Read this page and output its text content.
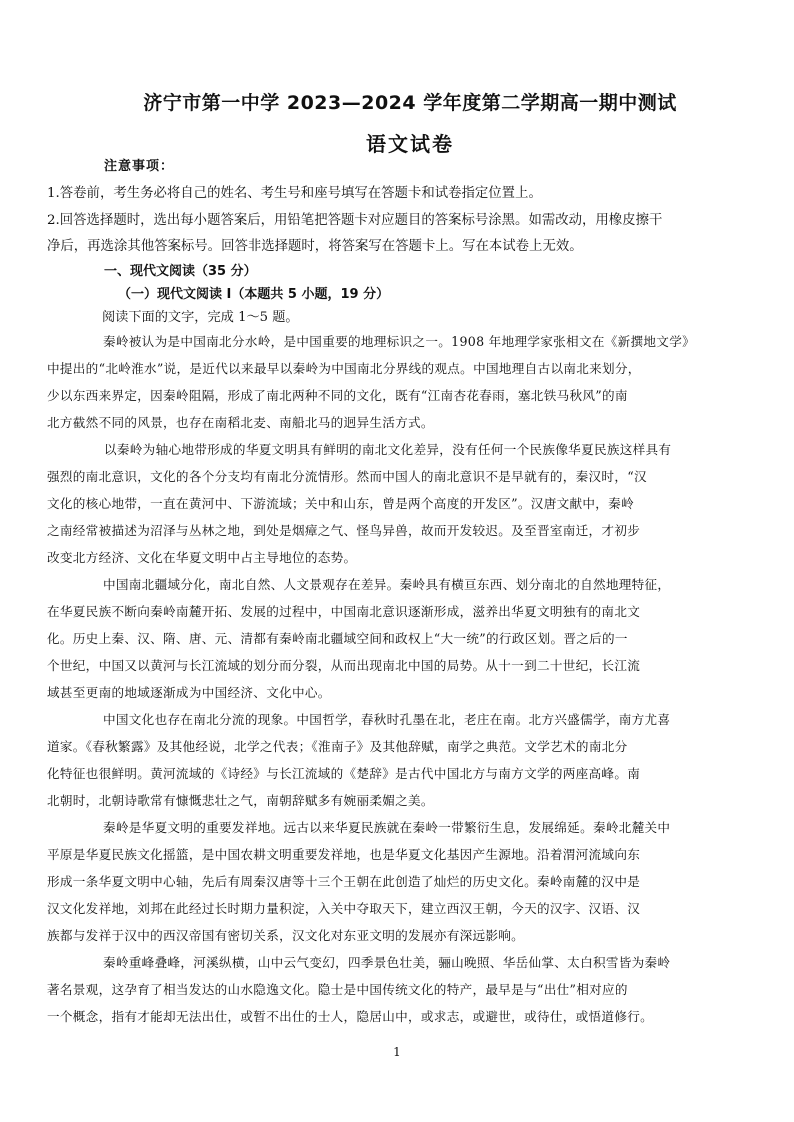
济宁市第一中学 2023—2024 学年度第二学期高一期中测试
语文试卷
注意事项：
1.答卷前，考生务必将自己的姓名、考生号和座号填写在答题卡和试卷指定位置上。
2.回答选择题时，选出每小题答案后，用铅笔把答题卡对应题目的答案标号涂黑。如需改动，用橡皮擦干
净后，再选涂其他答案标号。回答非选择题时，将答案写在答题卡上。写在本试卷上无效。
一、现代文阅读（35 分）
（一）现代文阅读 I（本题共 5 小题，19 分）
阅读下面的文字，完成 1～5 题。
秦岭被认为是中国南北分水岭，是中国重要的地理标识之一。1908 年地理学家张相文在《新撰地文学》
中提出的“北岭淮水”说，是近代以来最早以秦岭为中国南北分界线的观点。中国地理自古以南北来划分，
少以东西来界定，因秦岭阻隔，形成了南北两种不同的文化，既有“江南杏花春雨，塞北铁马秋风”的南
北方截然不同的风景，也存在南稻北麦、南船北马的迥异生活方式。
以秦岭为轴心地带形成的华夏文明具有鲜明的南北文化差异，没有任何一个民族像华夏民族这样具有
强烈的南北意识，文化的各个分支均有南北分流情形。然而中国人的南北意识不是早就有的，秦汉时，“汉
文化的核心地带，一直在黄河中、下游流域；关中和山东，曾是两个高度的开发区”。汉唐文献中，秦岭
之南经常被描述为沼泽与丛林之地，到处是烟瘴之气、怪鸟异兽，故而开发较迟。及至晋室南迁，才初步
改变北方经济、文化在华夏文明中占主导地位的态势。
中国南北疆域分化，南北自然、人文景观存在差异。秦岭具有横亘东西、划分南北的自然地理特征，
在华夏民族不断向秦岭南麓开拓、发展的过程中，中国南北意识逐渐形成，滋养出华夏文明独有的南北文
化。历史上秦、汉、隋、唐、元、清都有秦岭南北疆域空间和政权上“大一统”的行政区划。晋之后的一
个世纪，中国又以黄河与长江流域的划分而分裂，从而出现南北中国的局势。从十一到二十世纪，长江流
域甚至更南的地域逐渐成为中国经济、文化中心。
中国文化也存在南北分流的现象。中国哲学，春秋时孔墨在北，老庄在南。北方兴盛儒学，南方尤喜
道家。《春秋繁露》及其他经说，北学之代表；《淮南子》及其他辞赋，南学之典范。文学艺术的南北分
化特征也很鲜明。黄河流域的《诗经》与长江流域的《楚辞》是古代中国北方与南方文学的两座高峰。南
北朝时，北朝诗歌常有慷慨悲壮之气，南朝辞赋多有婉丽柔媚之美。
秦岭是华夏文明的重要发祥地。远古以来华夏民族就在秦岭一带繁衍生息，发展绵延。秦岭北麓关中
平原是华夏民族文化摇篮，是中国农耕文明重要发祥地，也是华夏文化基因产生源地。沿着渭河流域向东
形成一条华夏文明中心轴，先后有周秦汉唐等十三个王朝在此创造了灿烂的历史文化。秦岭南麓的汉中是
汉文化发祥地，刘邦在此经过长时期力量积淀，入关中夺取天下，建立西汉王朝，今天的汉字、汉语、汉
族都与发祥于汉中的西汉帝国有密切关系，汉文化对东亚文明的发展亦有深远影响。
秦岭重峰叠峰，河溪纵横，山中云气变幻，四季景色壮美，骊山晚照、华岳仙掌、太白积雪皆为秦岭
著名景观，这孕育了相当发达的山水隐逸文化。隐士是中国传统文化的特产，最早是与“出仕”相对应的
一个概念，指有才能却无法出仕，或暂不出仕的士人，隐居山中，或求志，或避世，或待仕，或悟道修行。
1
